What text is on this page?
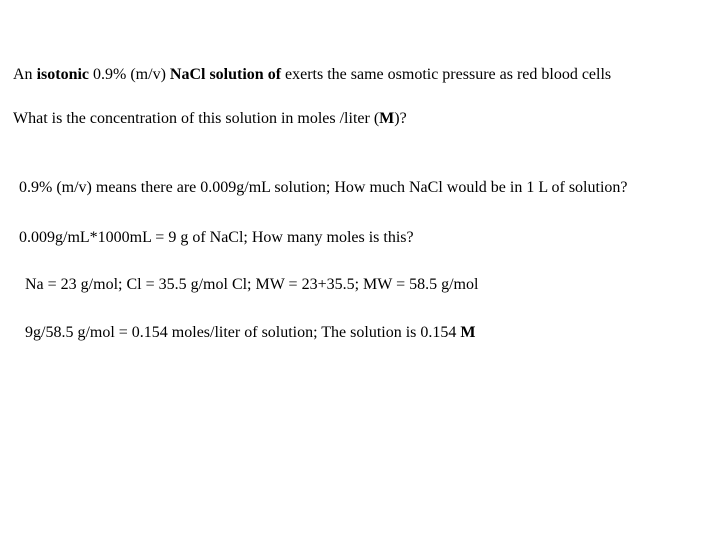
An isotonic 0.9% (m/v) NaCl solution of exerts the same osmotic pressure as red blood cells
What is the concentration of this solution in moles /liter (M)?
0.9% (m/v) means there are 0.009g/mL solution; How much NaCl would be in 1 L of solution?
0.009g/mL*1000mL = 9 g of NaCl; How many moles is this?
Na = 23 g/mol; Cl = 35.5 g/mol Cl; MW = 23+35.5; MW = 58.5 g/mol
9g/58.5 g/mol = 0.154 moles/liter of solution; The solution is 0.154 M
